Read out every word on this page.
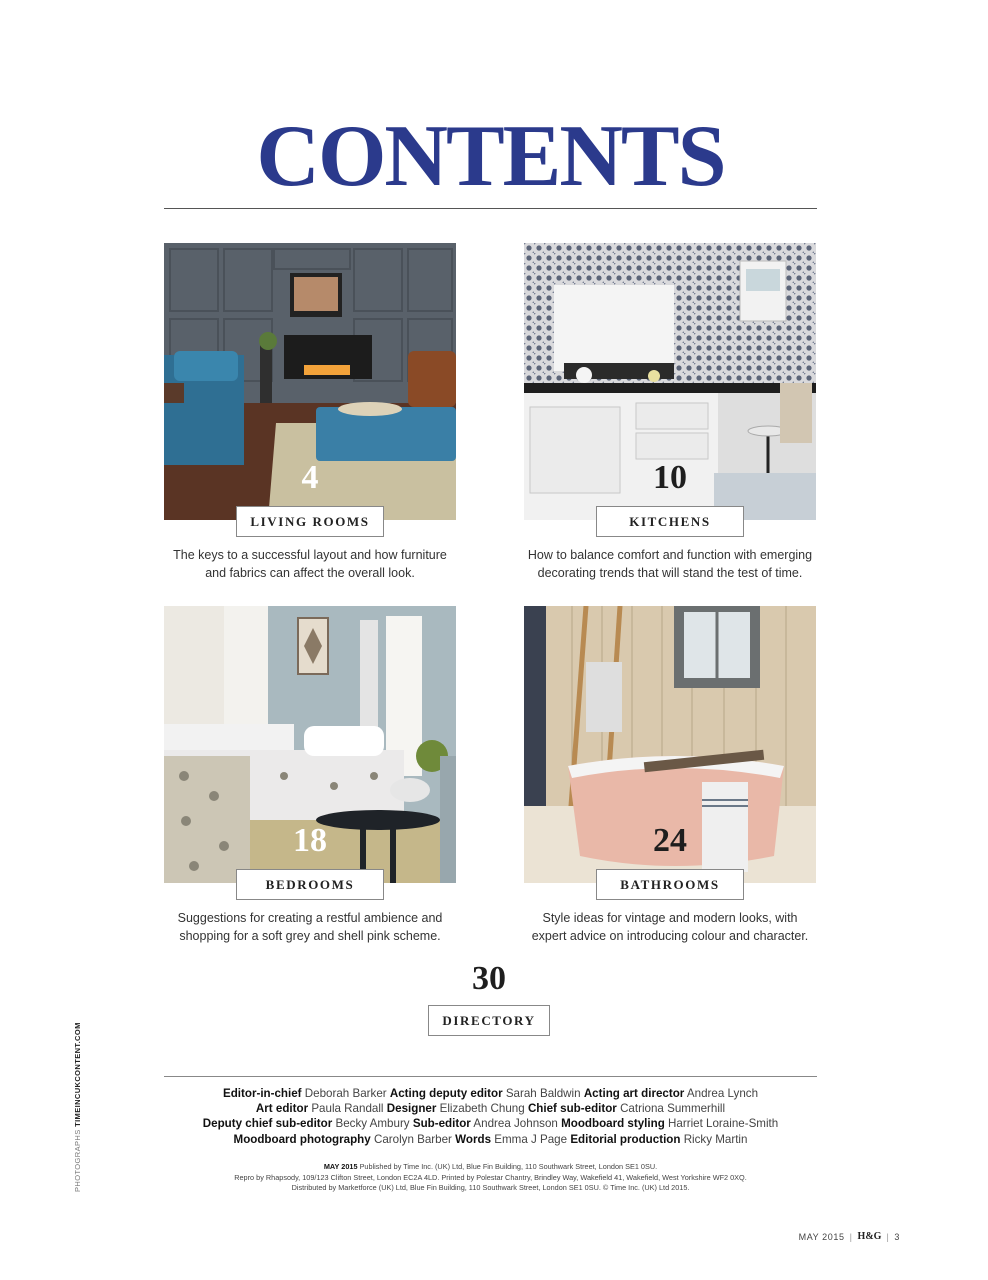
CONTENTS
4
LIVING ROOMS
The keys to a successful layout and how furniture
and fabrics can affect the overall look.
10
KITCHENS
How to balance comfort and function with emerging
decorating trends that will stand the test of time.
18
BEDROOMS
Suggestions for creating a restful ambience and
shopping for a soft grey and shell pink scheme.
24
BATHROOMS
Style ideas for vintage and modern looks, with
expert advice on introducing colour and character.
30
DIRECTORY
PHOTOGRAPHS TIMEINCUKCONTENT.COM	Editor-in-chief Deborah Barker Acting deputy editor Sarah Baldwin Acting art director Andrea Lynch
Art editor Paula Randall Designer Elizabeth Chung Chief sub-editor Catriona Summerhill
Deputy chief sub-editor Becky Ambury Sub-editor Andrea Johnson Moodboard styling Harriet Loraine-Smith
Moodboard photography Carolyn Barber Words Emma J Page Editorial production Ricky Martin
MAY 2015 Published by Time Inc. (UK) Ltd, Blue Fin Building, 110 Southwark Street, London SE1 0SU.
Repro by Rhapsody, 109/123 Clifton Street, London EC2A 4LD. Printed by Polestar Chantry, Brindley Way, Wakefield 41, Wakefield, West Yorkshire WF2 0XQ.
Distributed by Marketforce (UK) Ltd, Blue Fin Building, 110 Southwark Street, London SE1 0SU. © Time Inc. (UK) Ltd 2015.
MAY 2015 | H&G | 3
